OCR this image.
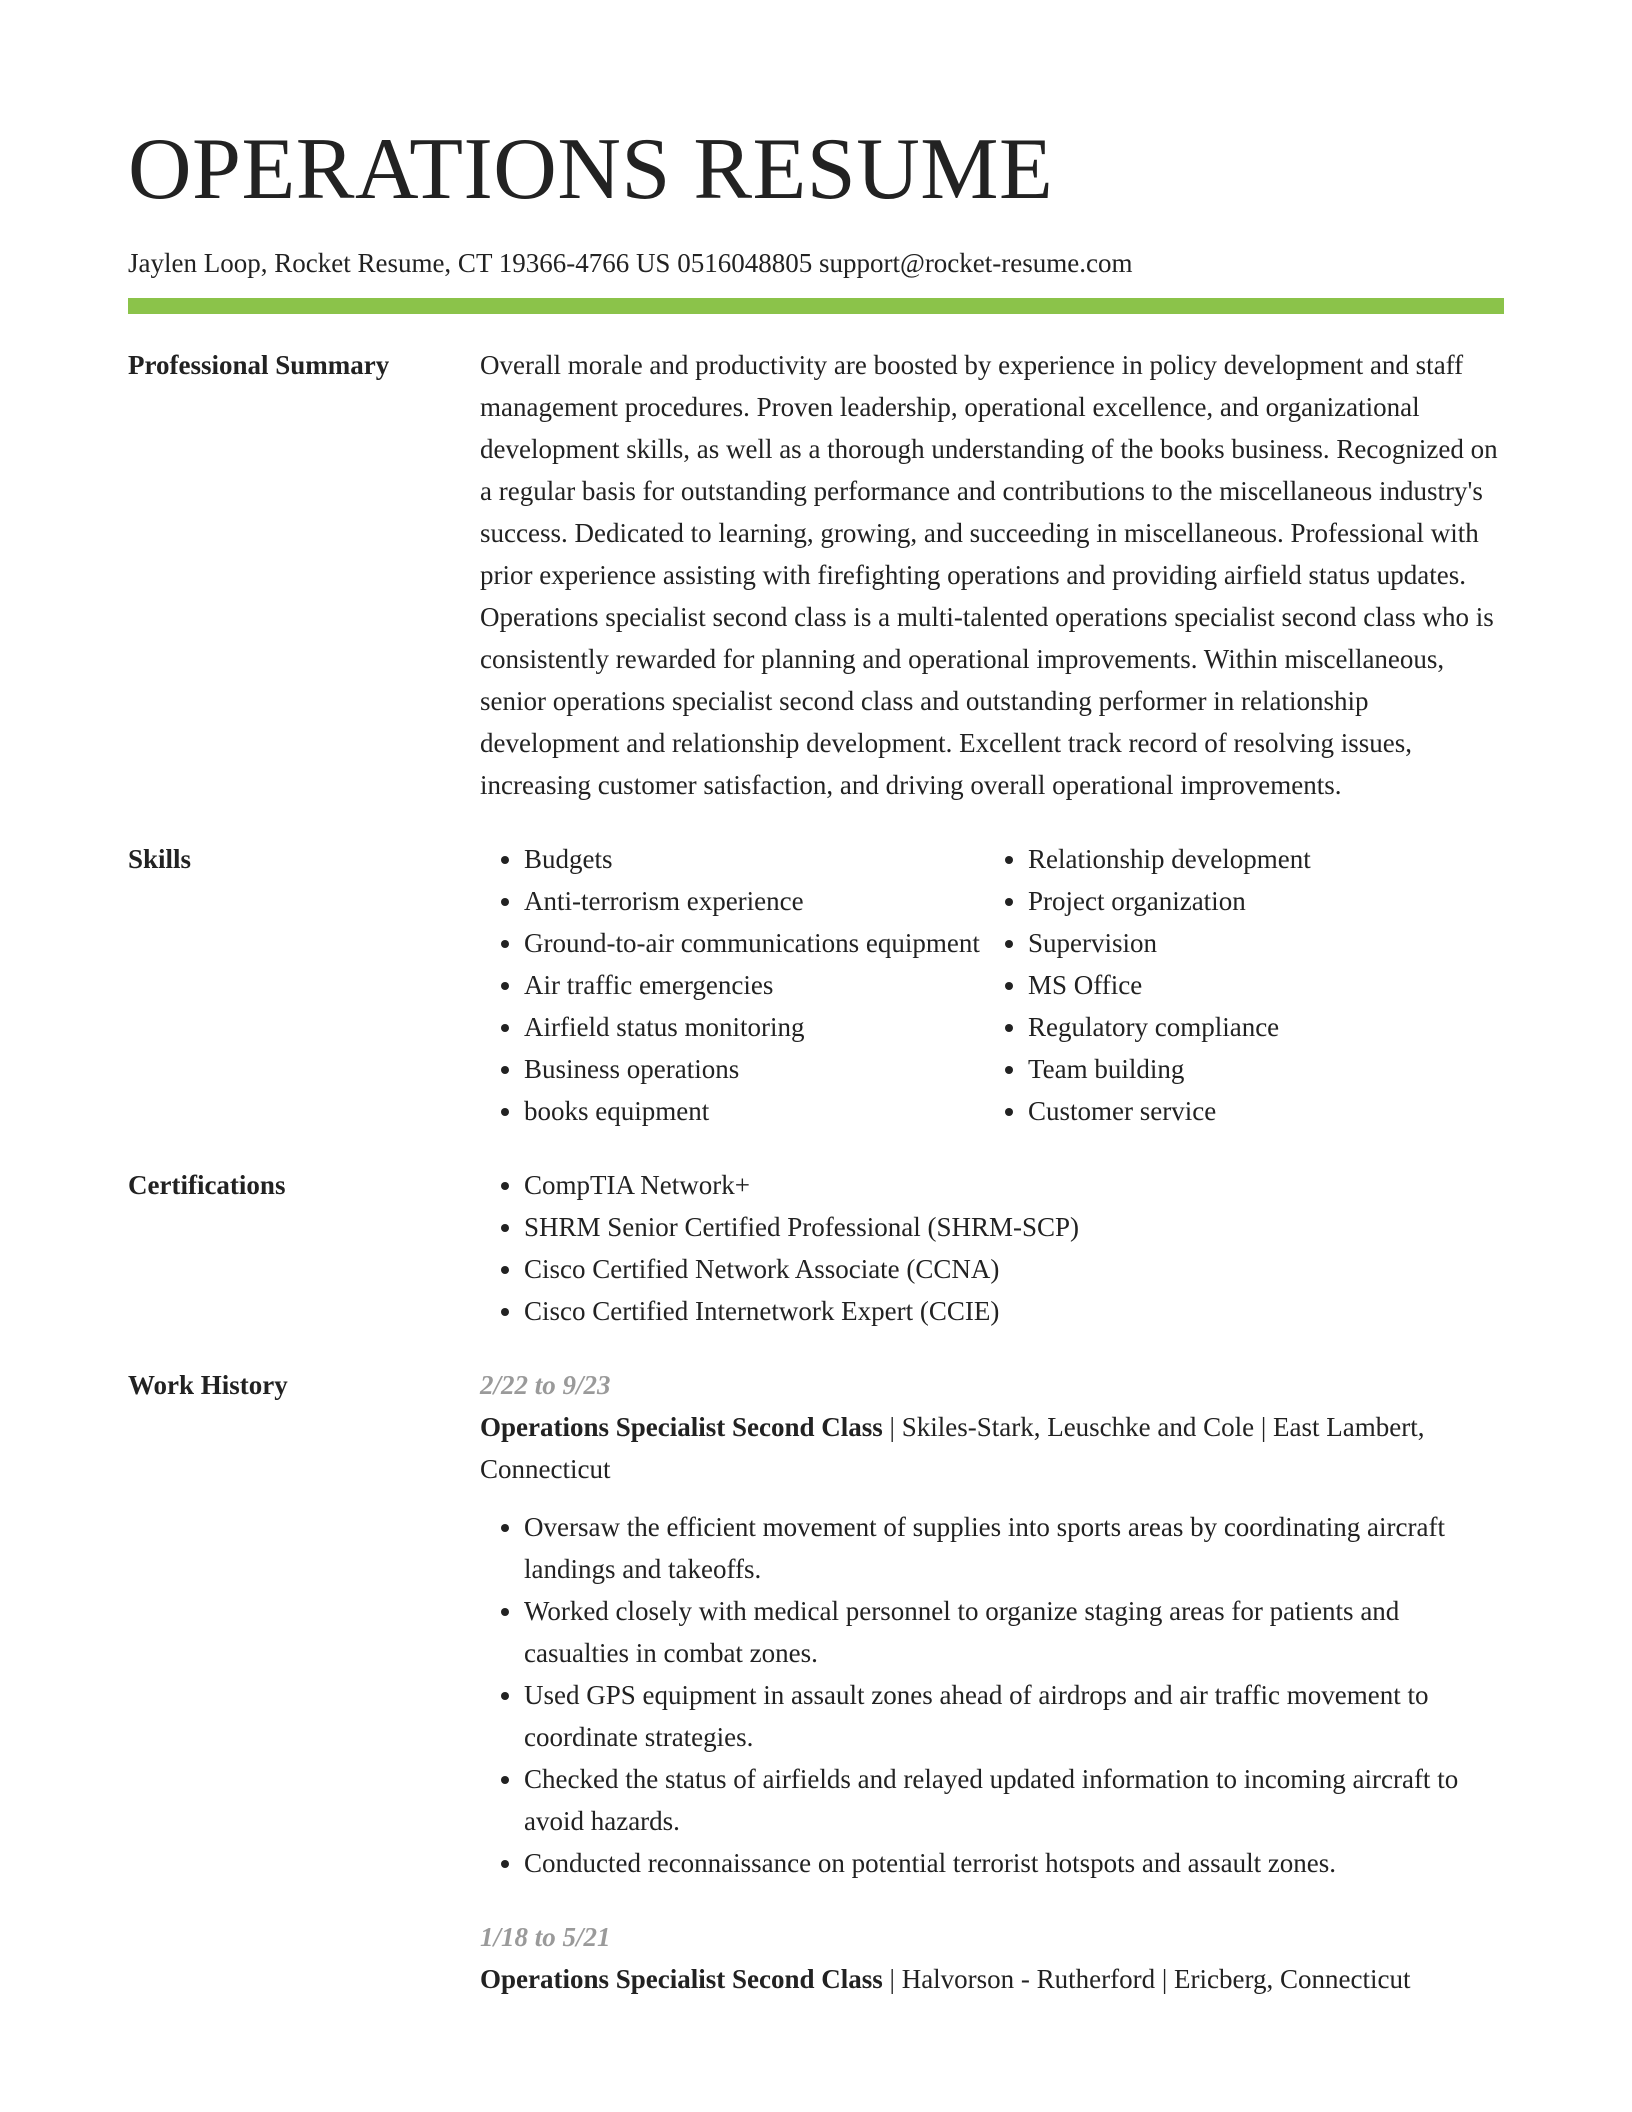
OPERATIONS RESUME
Jaylen Loop, Rocket Resume, CT 19366-4766 US 0516048805 support@rocket-resume.com
Professional Summary	Overall morale and productivity are boosted by experience in policy development and staff management procedures. Proven leadership, operational excellence, and organizational development skills, as well as a thorough understanding of the books business. Recognized on a regular basis for outstanding performance and contributions to the miscellaneous industry's success. Dedicated to learning, growing, and succeeding in miscellaneous. Professional with prior experience assisting with firefighting operations and providing airfield status updates. Operations specialist second class is a multi-talented operations specialist second class who is consistently rewarded for planning and operational improvements. Within miscellaneous, senior operations specialist second class and outstanding performer in relationship development and relationship development. Excellent track record of resolving issues, increasing customer satisfaction, and driving overall operational improvements.

Skills	• Budgets
• Anti-terrorism experience
• Ground-to-air communications equipment
• Air traffic emergencies
• Airfield status monitoring
• Business operations
• books equipment
• Relationship development
• Project organization
• Supervision
• MS Office
• Regulatory compliance
• Team building
• Customer service
Certifications	• CompTIA Network+
• SHRM Senior Certified Professional (SHRM-SCP)
• Cisco Certified Network Associate (CCNA)
• Cisco Certified Internetwork Expert (CCIE)
Work History	2/22 to 9/23
Operations Specialist Second Class | Skiles-Stark, Leuschke and Cole | East Lambert, Connecticut
• Oversaw the efficient movement of supplies into sports areas by coordinating aircraft landings and takeoffs.
• Worked closely with medical personnel to organize staging areas for patients and casualties in combat zones.
• Used GPS equipment in assault zones ahead of airdrops and air traffic movement to coordinate strategies.
• Checked the status of airfields and relayed updated information to incoming aircraft to avoid hazards.
• Conducted reconnaissance on potential terrorist hotspots and assault zones.
1/18 to 5/21
Operations Specialist Second Class | Halvorson - Rutherford | Ericberg, Connecticut
